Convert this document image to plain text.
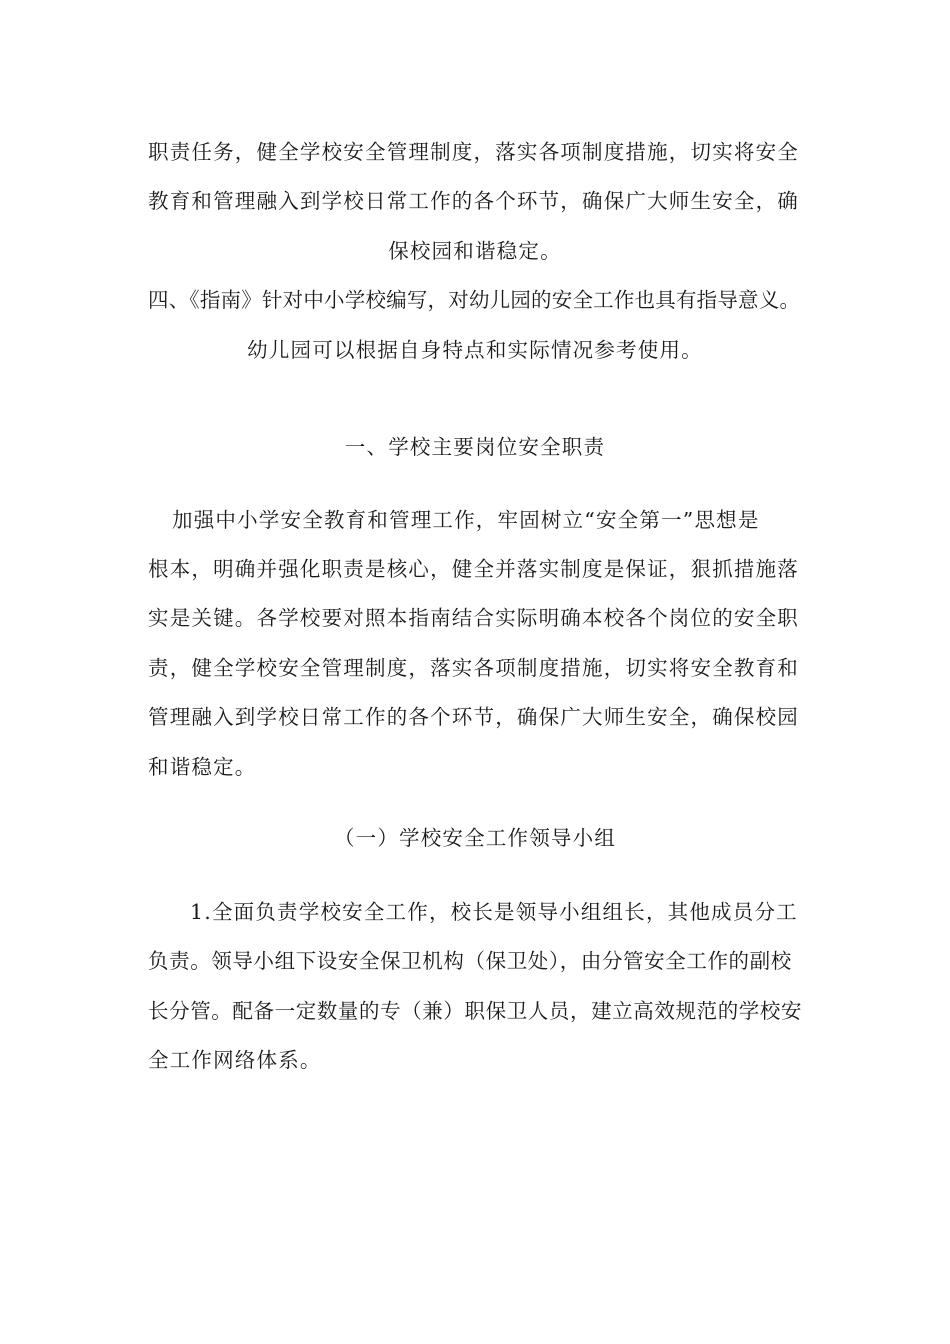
职责任务，健全学校安全管理制度，落实各项制度措施，切实将安全
教育和管理融入到学校日常工作的各个环节，确保广大师生安全，确
保校园和谐稳定。
四、《指南》针对中小学校编写，对幼儿园的安全工作也具有指导意义。
幼儿园可以根据自身特点和实际情况参考使用。
一、学校主要岗位安全职责
加强中小学安全教育和管理工作，牢固树立“安全第一”思想是
根本，明确并强化职责是核心，健全并落实制度是保证，狠抓措施落
实是关键。各学校要对照本指南结合实际明确本校各个岗位的安全职
责，健全学校安全管理制度，落实各项制度措施，切实将安全教育和
管理融入到学校日常工作的各个环节，确保广大师生安全，确保校园
和谐稳定。
（一）学校安全工作领导小组
1.全面负责学校安全工作，校长是领导小组组长，其他成员分工
负责。领导小组下设安全保卫机构（保卫处），由分管安全工作的副校
长分管。配备一定数量的专（兼）职保卫人员，建立高效规范的学校安
全工作网络体系。
